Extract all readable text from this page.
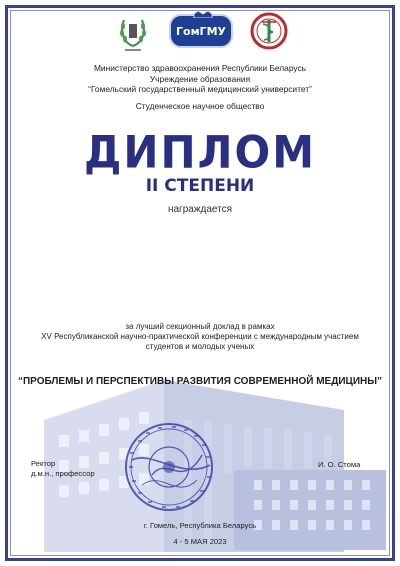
ГомГМУ
Министерство здравоохранения Республики Беларусь
Учреждение образования
“Гомельский государственный медицинский университет”
Студенческое научное общество
ДИПЛОМ
II СТЕПЕНИ
награждается
за лучший секционный доклад в рамках
XV Республиканской научно-практической конференции с международным участием
студентов и молодых ученых
“ПРОБЛЕМЫ И ПЕРСПЕКТИВЫ РАЗВИТИЯ СОВРЕМЕННОЙ МЕДИЦИНЫ”
Ректор
д.м.н., профессор
И. О. Стома
г. Гомель, Республика Беларусь
4 - 5 МАЯ 2023
